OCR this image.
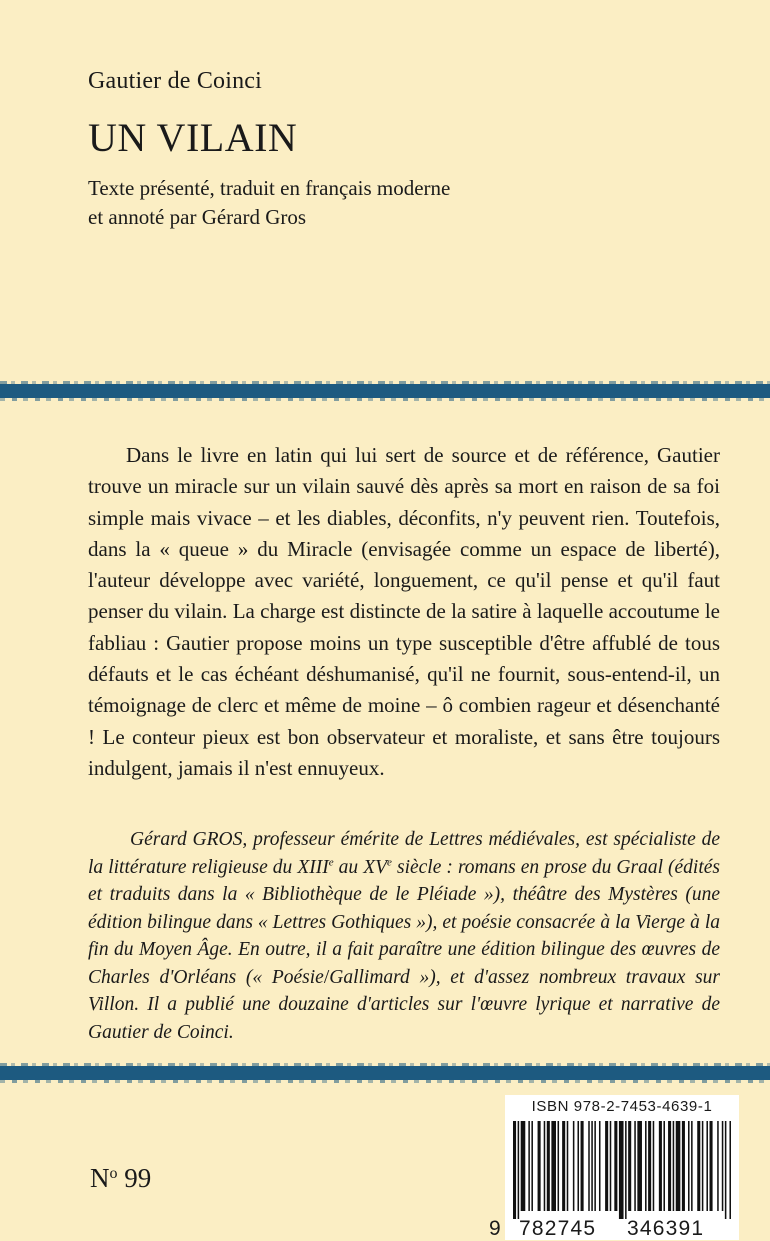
Gautier de Coinci
UN VILAIN
Texte présenté, traduit en français moderne
et annoté par Gérard Gros

Dans le livre en latin qui lui sert de source et de référence, Gautier trouve un miracle sur un vilain sauvé dès après sa mort en raison de sa foi simple mais vivace – et les diables, déconfits, n'y peuvent rien. Toutefois, dans la « queue » du Miracle (envisagée comme un espace de liberté), l'auteur développe avec variété, longuement, ce qu'il pense et qu'il faut penser du vilain. La charge est distincte de la satire à laquelle accoutume le fabliau : Gautier propose moins un type susceptible d'être affublé de tous défauts et le cas échéant déshumanisé, qu'il ne fournit, sous-entend-il, un témoignage de clerc et même de moine – ô combien rageur et désenchanté ! Le conteur pieux est bon observateur et moraliste, et sans être toujours indulgent, jamais il n'est ennuyeux.

Gérard GROS, professeur émérite de Lettres médiévales, est spécialiste de la littérature religieuse du XIIIe au XVe siècle : romans en prose du Graal (édités et traduits dans la « Bibliothèque de le Pléiade »), théâtre des Mystères (une édition bilingue dans « Lettres Gothiques »), et poésie consacrée à la Vierge à la fin du Moyen Âge. En outre, il a fait paraître une édition bilingue des œuvres de Charles d'Orléans (« Poésie/Gallimard »), et d'assez nombreux travaux sur Villon. Il a publié une douzaine d'articles sur l'œuvre lyrique et narrative de Gautier de Coinci.

$N^o$ 99
ISBN 978-2-7453-4639-1
9 782745 346391
